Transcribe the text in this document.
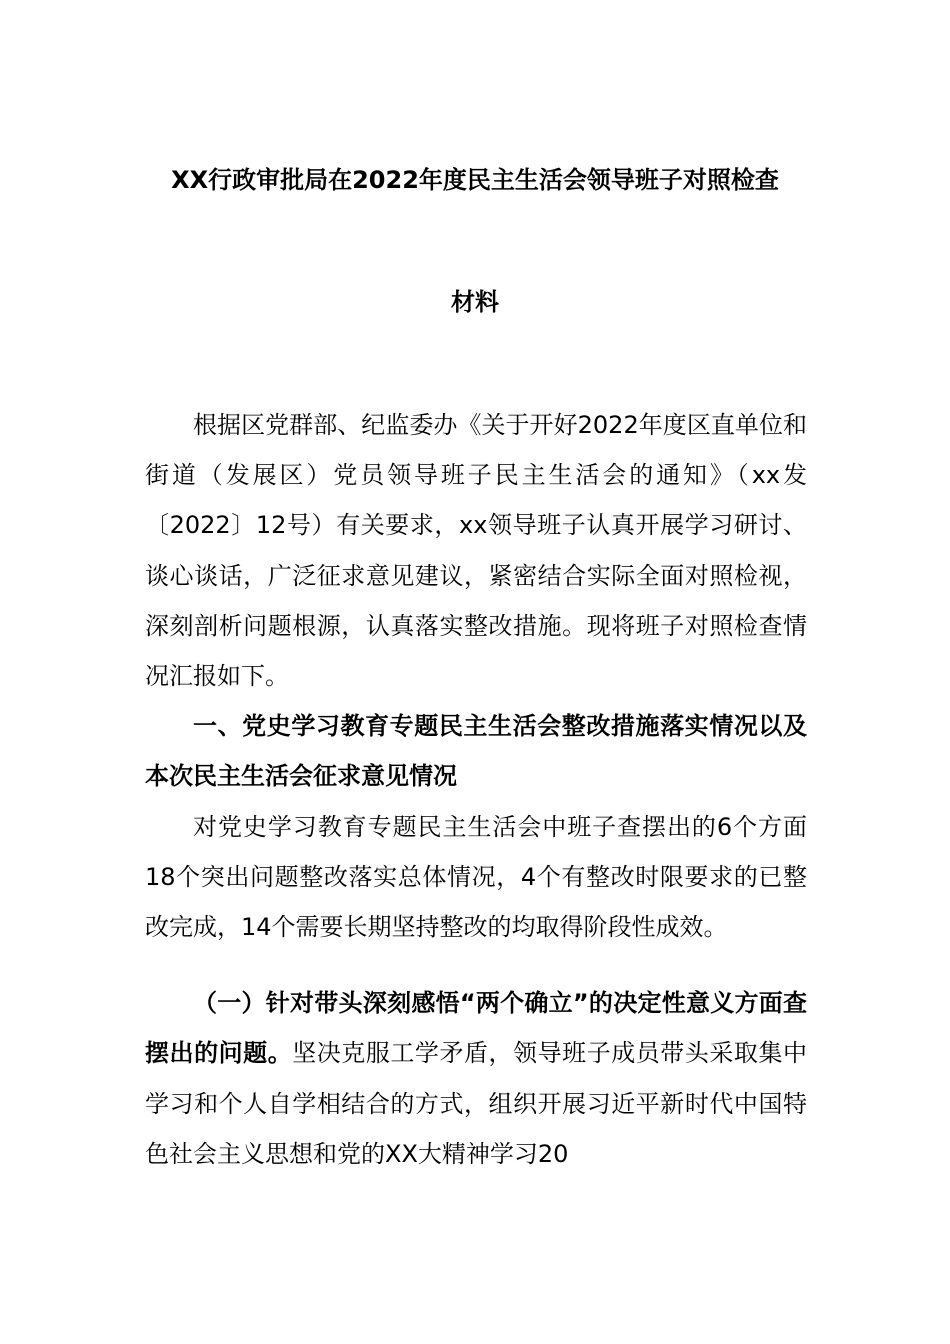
XX行政审批局在2022年度民主生活会领导班子对照检查
材料

根据区党群部、纪监委办《关于开好2022年度区直单位和街道（发展区）党员领导班子民主生活会的通知》（xx发〔2022〕12号）有关要求，xx领导班子认真开展学习研讨、谈心谈话，广泛征求意见建议，紧密结合实际全面对照检视，深刻剖析问题根源，认真落实整改措施。现将班子对照检查情况汇报如下。

一、党史学习教育专题民主生活会整改措施落实情况以及本次民主生活会征求意见情况

对党史学习教育专题民主生活会中班子查摆出的6个方面18个突出问题整改落实总体情况，4个有整改时限要求的已整改完成，14个需要长期坚持整改的均取得阶段性成效。

（一）针对带头深刻感悟“两个确立”的决定性意义方面查摆出的问题。坚决克服工学矛盾，领导班子成员带头采取集中学习和个人自学相结合的方式，组织开展习近平新时代中国特色社会主义思想和党的XX大精神学习20
